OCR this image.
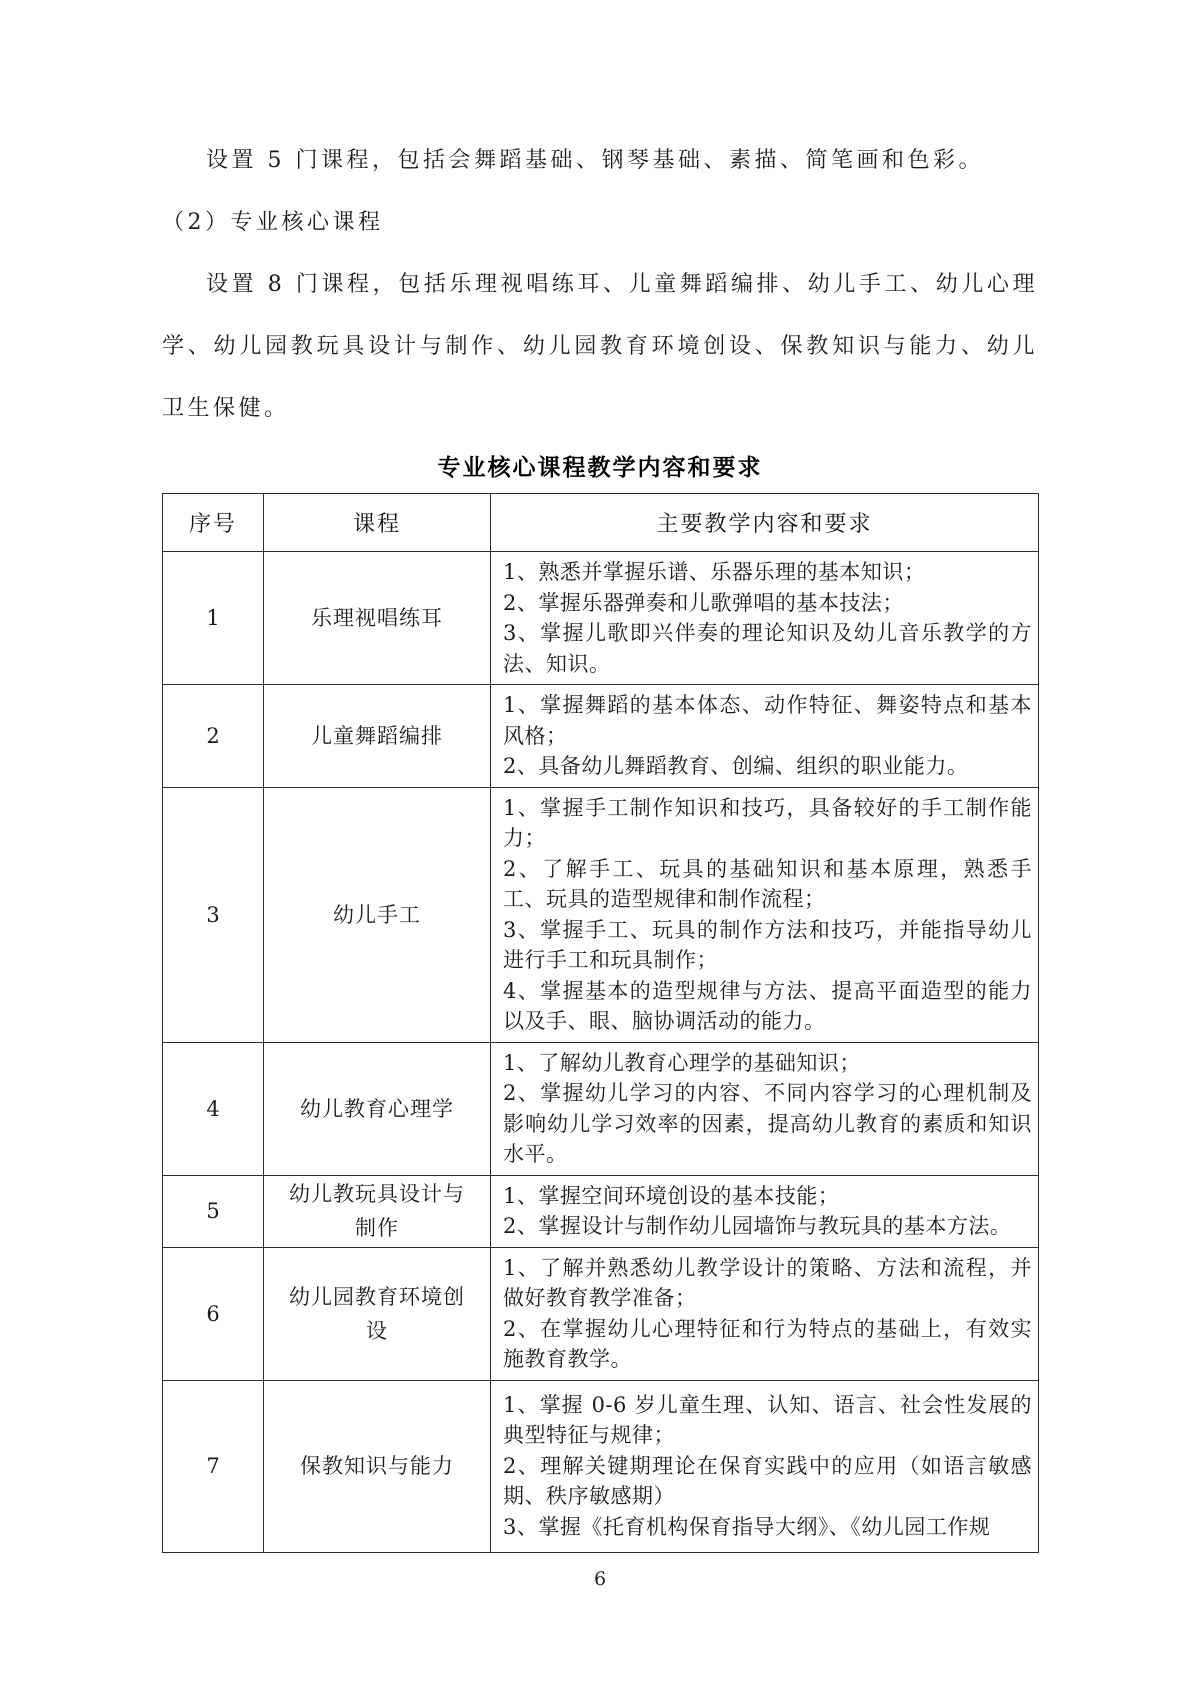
设置 5 门课程，包括会舞蹈基础、钢琴基础、素描、简笔画和色彩。

（2）专业核心课程

设置 8 门课程，包括乐理视唱练耳、儿童舞蹈编排、幼儿手工、幼儿心理学、幼儿园教玩具设计与制作、幼儿园教育环境创设、保教知识与能力、幼儿卫生保健。

专业核心课程教学内容和要求
序号	课程	主要教学内容和要求
1	乐理视唱练耳	1、熟悉并掌握乐谱、乐器乐理的基本知识；
2、掌握乐器弹奏和儿歌弹唱的基本技法；
3、掌握儿歌即兴伴奏的理论知识及幼儿音乐教学的方法、知识。

2	儿童舞蹈编排	1、掌握舞蹈的基本体态、动作特征、舞姿特点和基本风格；
2、具备幼儿舞蹈教育、创编、组织的职业能力。

3	幼儿手工	1、掌握手工制作知识和技巧，具备较好的手工制作能力；
2、了解手工、玩具的基础知识和基本原理，熟悉手工、玩具的造型规律和制作流程；
3、掌握手工、玩具的制作方法和技巧，并能指导幼儿进行手工和玩具制作；
4、掌握基本的造型规律与方法、提高平面造型的能力以及手、眼、脑协调活动的能力。

4	幼儿教育心理学	1、了解幼儿教育心理学的基础知识；
2、掌握幼儿学习的内容、不同内容学习的心理机制及影响幼儿学习效率的因素，提高幼儿教育的素质和知识水平。

5	幼儿教玩具设计与制作	1、掌握空间环境创设的基本技能；
2、掌握设计与制作幼儿园墙饰与教玩具的基本方法。

6	幼儿园教育环境创设	1、了解并熟悉幼儿教学设计的策略、方法和流程，并做好教育教学准备；
2、在掌握幼儿心理特征和行为特点的基础上，有效实施教育教学。

7	保教知识与能力	1、掌握 0-6 岁儿童生理、认知、语言、社会性发展的典型特征与规律；
2、理解关键期理论在保育实践中的应用（如语言敏感期、秩序敏感期）
3、掌握《托育机构保育指导大纲》、《幼儿园工作规
6
